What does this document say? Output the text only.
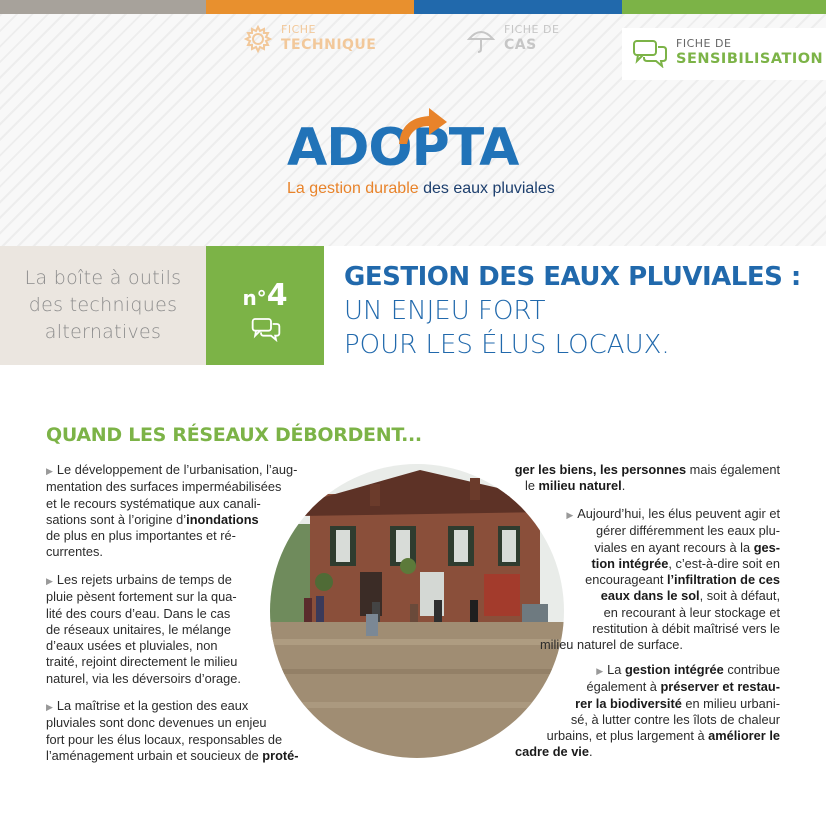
FICHE
TECHNIQUE
FICHE DE
CAS	FICHE DE
SENSIBILISATION
ADOPTA
La gestion durable des eaux pluviales
La boîte à outils
des techniques
alternatives
n°4
GESTION DES EAUX PLUVIALES :
UN ENJEU FORT
POUR LES ÉLUS LOCAUX.
QUAND LES RÉSEAUX DÉBORDENT...
▶ Le développement de l’urbanisation, l’aug-
mentation des surfaces imperméabilisées
et le recours systématique aux canali-
sations sont à l’origine d’inondations
de plus en plus importantes et ré-
currentes.
▶ Les rejets urbains de temps de
pluie pèsent fortement sur la qua-
lité des cours d’eau. Dans le cas
de réseaux unitaires, le mélange
d’eaux usées et pluviales, non
traité, rejoint directement le milieu
naturel, via les déversoirs d’orage.
▶ La maîtrise et la gestion des eaux
pluviales sont donc devenues un enjeu
fort pour les élus locaux, responsables de
l’aménagement urbain et soucieux de proté-
ger les biens, les personnes mais également
le milieu naturel.
▶ Aujourd’hui, les élus peuvent agir et
gérer différemment les eaux plu-
viales en ayant recours à la ges-
tion intégrée, c’est-à-dire soit en
encourageant l’infiltration de ces
eaux dans le sol, soit à défaut,
en recourant à leur stockage et
restitution à débit maîtrisé vers le
milieu naturel de surface.
▶ La gestion intégrée contribue
également à préserver et restau-
rer la biodiversité en milieu urbani-
sé, à lutter contre les îlots de chaleur
urbains, et plus largement à améliorer le
cadre de vie.
